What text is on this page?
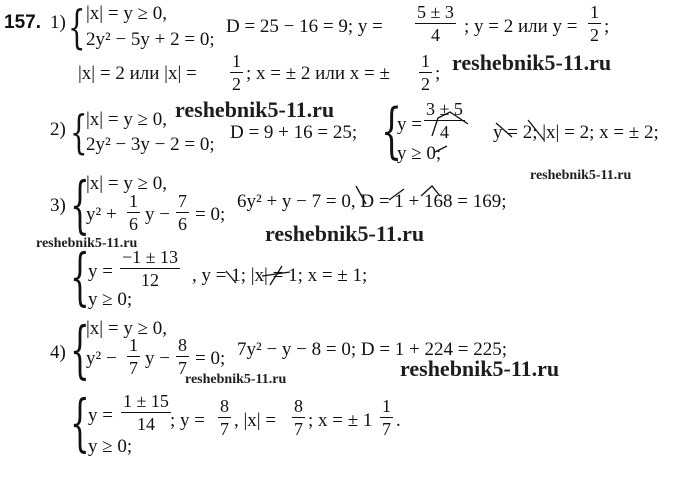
157. 1) { |x| = y ≥ 0,
2y² − 5y + 2 = 0;
D = 25 − 16 = 9; $y = \frac{5 \pm 3}{4}$ ; y = 2 или $y = \frac{1}{2}$ ;
|x| = 2 или $|x| = \frac{1}{2}$ ; x = ± 2 или x = ± $\frac{1}{2}$ ;
2) {
|x| = y ≥ 0,
2y² − 3y − 2 = 0;
D = 9 + 16 = 25; {
$y = \frac{3 \pm 5}{4}$
y ≥ 0;
y = 2; |x| = 2; x = ± 2;
3) {
|x| = y ≥ 0,
$y^2 + \frac{1}{6}$ $y - \frac{7}{6} = 0$;
6y² + y − 7 = 0, D = 1 + 168 = 169;
{
$y = \frac{-1 \pm 13}{12}$
y ≥ 0;
, y = 1; |x| = 1; x = ± 1;
4) {
|x| = y ≥ 0,
$y^2 - \frac{1}{7}$ $y - \frac{8}{7} = 0$; 7y² − y − 8 = 0; D = 1 + 224 = 225;
{
$y = \frac{1 \pm 15}{14}$
y ≥ 0;
; $y = \frac{8}{7}$ , $|x| = \frac{8}{7}$ ; x = ± $1 \frac{1}{7}$ .
reshebnik5-11.ru
reshebnik5-11.ru
reshebnik5-11.ru
reshebnik5-11.ru
reshebnik5-11.ru
reshebnik5-11.ru
reshebnik5-11.ru
